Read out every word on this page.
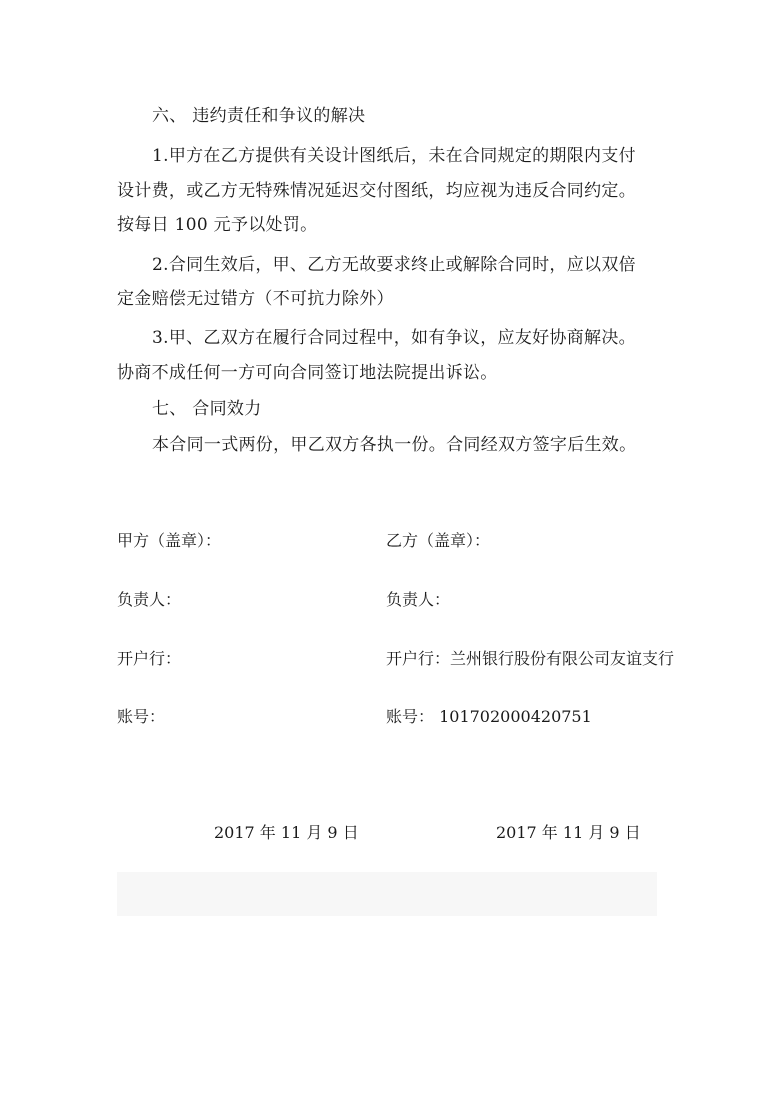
六、 违约责任和争议的解决
1.甲方在乙方提供有关设计图纸后，未在合同规定的期限内支付
设计费，或乙方无特殊情况延迟交付图纸，均应视为违反合同约定。
按每日 100 元予以处罚。
2.合同生效后，甲、乙方无故要求终止或解除合同时，应以双倍
定金赔偿无过错方（不可抗力除外）
3.甲、乙双方在履行合同过程中，如有争议，应友好协商解决。
协商不成任何一方可向合同签订地法院提出诉讼。
七、 合同效力
本合同一式两份，甲乙双方各执一份。合同经双方签字后生效。
甲方（盖章）：
负责人：
开户行：
账号：
2017 年 11 月 9 日
乙方（盖章）：
负责人：
开户行：兰州银行股份有限公司友谊支行
账号： 101702000420751
2017 年 11 月 9 日
